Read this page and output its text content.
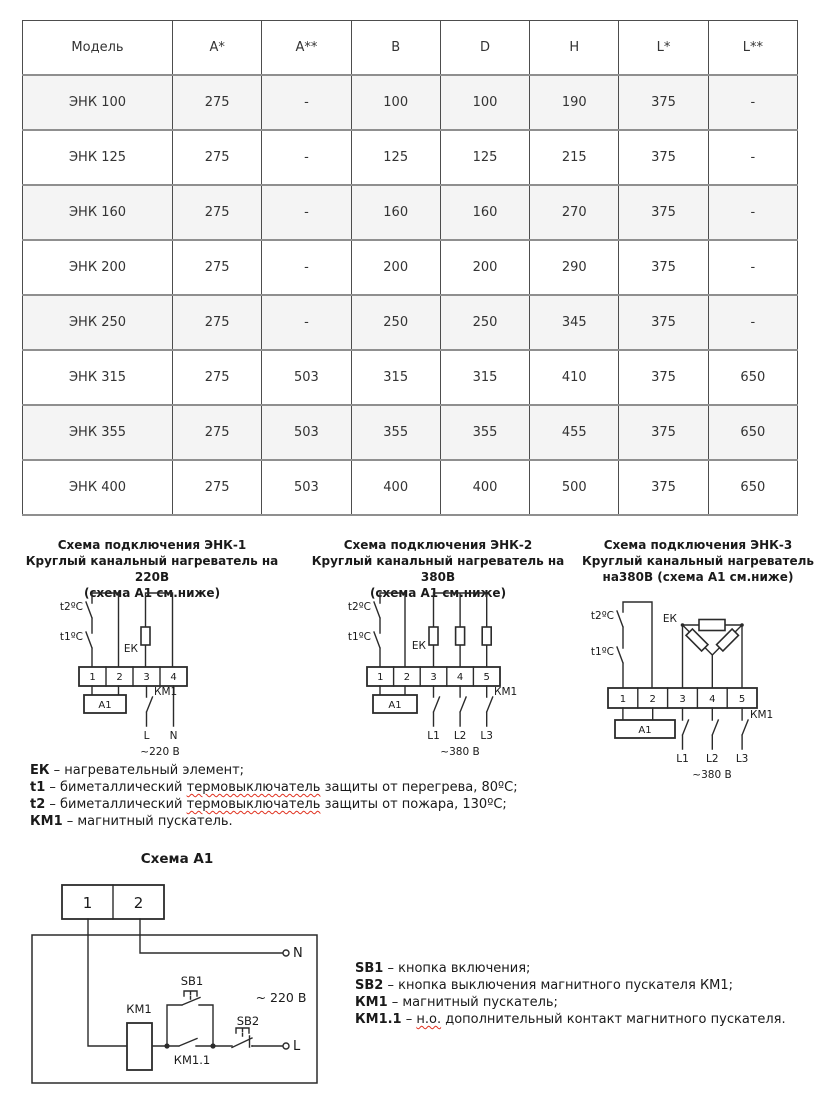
Модель	A*	A**	B	D	H	L*	L**
ЭНК 100	275	-	100	100	190	375	-
ЭНК 125	275	-	125	125	215	375	-
ЭНК 160	275	-	160	160	270	375	-
ЭНК 200	275	-	200	200	290	375	-
ЭНК 250	275	-	250	250	345	375	-
ЭНК 315	275	503	315	315	410	375	650
ЭНК 355	275	503	355	355	455	375	650
ЭНК 400	275	503	400	400	500	375	650
Схема подключения ЭНК-1
Круглый канальный нагреватель на 220В
(схема А1 см.ниже)
Схема подключения ЭНК-2
Круглый канальный нагреватель на 380В
(схема А1 см.ниже)
Схема подключения ЭНК-3
Круглый канальный нагреватель
на380В (схема А1 см.ниже)
t2ºC
t1ºC
ЕК
1 2 3 4
А1
КМ1
L N
~220 В
t2ºC
t1ºC
ЕК
1 2 3 4 5
А1
КМ1
L1 L2 L3
~380 В
t2ºC
t1ºC
ЕК
1 2 3 4 5
А1
КМ1
L1 L2 L3
~380 В
ЕК – нагревательный элемент;
t1 – биметаллический термовыключатель защиты от перегрева, 80ºС;
t2 – биметаллический термовыключатель защиты от пожара, 130ºС;
КМ1 – магнитный пускатель.
Схема А1
1	2
N
L
~ 220 В
КМ1
SB1
КМ1.1
SB2
SB1 – кнопка включения;
SB2 – кнопка выключения магнитного пускателя КМ1;
КМ1 – магнитный пускатель;
КМ1.1 – н.о. дополнительный контакт магнитного пускателя.
